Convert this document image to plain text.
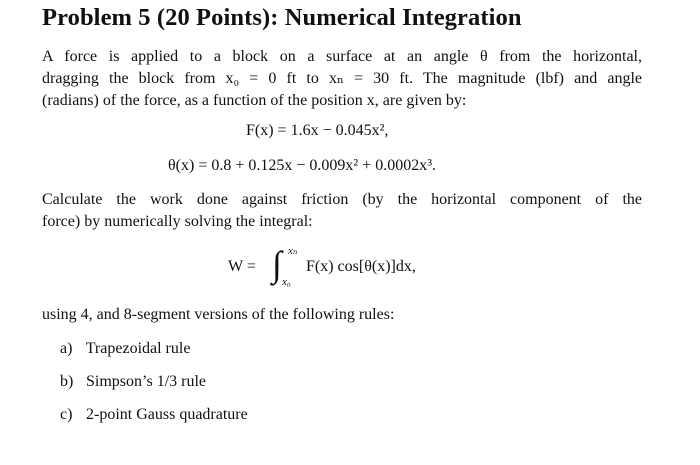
Problem 5 (20 Points): Numerical Integration
A force is applied to a block on a surface at an angle θ from the horizontal,
dragging the block from x₀ = 0 ft to xₙ = 30 ft. The magnitude (lbf) and angle
(radians) of the force, as a function of the position x, are given by:
F(x) = 1.6x − 0.045x²,
θ(x) = 0.8 + 0.125x − 0.009x² + 0.0002x³.
Calculate the work done against friction (by the horizontal component of the
force) by numerically solving the integral:
W = ∫ xₙ
x₀
F(x) cos[θ(x)]dx,
using 4, and 8-segment versions of the following rules:
a) Trapezoidal rule
b) Simpson’s 1/3 rule
c) 2-point Gauss quadrature
